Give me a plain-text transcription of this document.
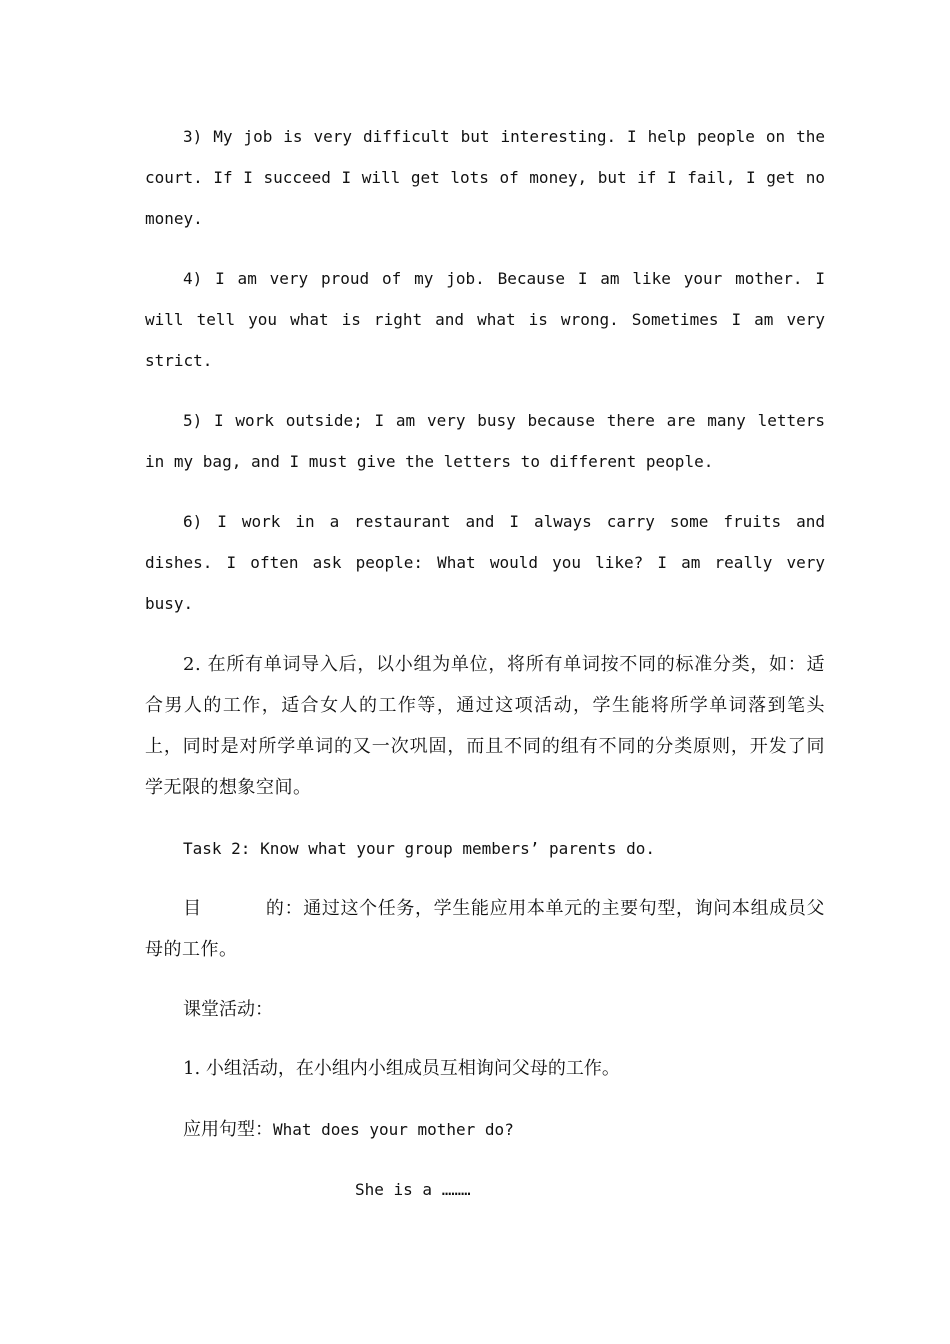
3) My job is very difficult but interesting. I help people on the court. If I succeed I will get lots of money, but if I fail, I get no money.

4) I am very proud of my job. Because I am like your mother. I will tell you what is right and what is wrong. Sometimes I am very strict.

5) I work outside; I am very busy because there are many letters in my bag, and I must give the letters to different people.

6) I work in a restaurant and I always carry some fruits and dishes. I often ask people: What would you like? I am really very busy.

2. 在所有单词导入后，以小组为单位，将所有单词按不同的标准分类，如：适合男人的工作，适合女人的工作等，通过这项活动，学生能将所学单词落到笔头上，同时是对所学单词的又一次巩固，而且不同的组有不同的分类原则，开发了同学无限的想象空间。

Task 2: Know what your group members’ parents do.

目	的：通过这个任务，学生能应用本单元的主要句型，询问本组成员父母的工作。

课堂活动：
1. 小组活动，在小组内小组成员互相询问父母的工作。
应用句型：What does your mother do?
She is a ………
